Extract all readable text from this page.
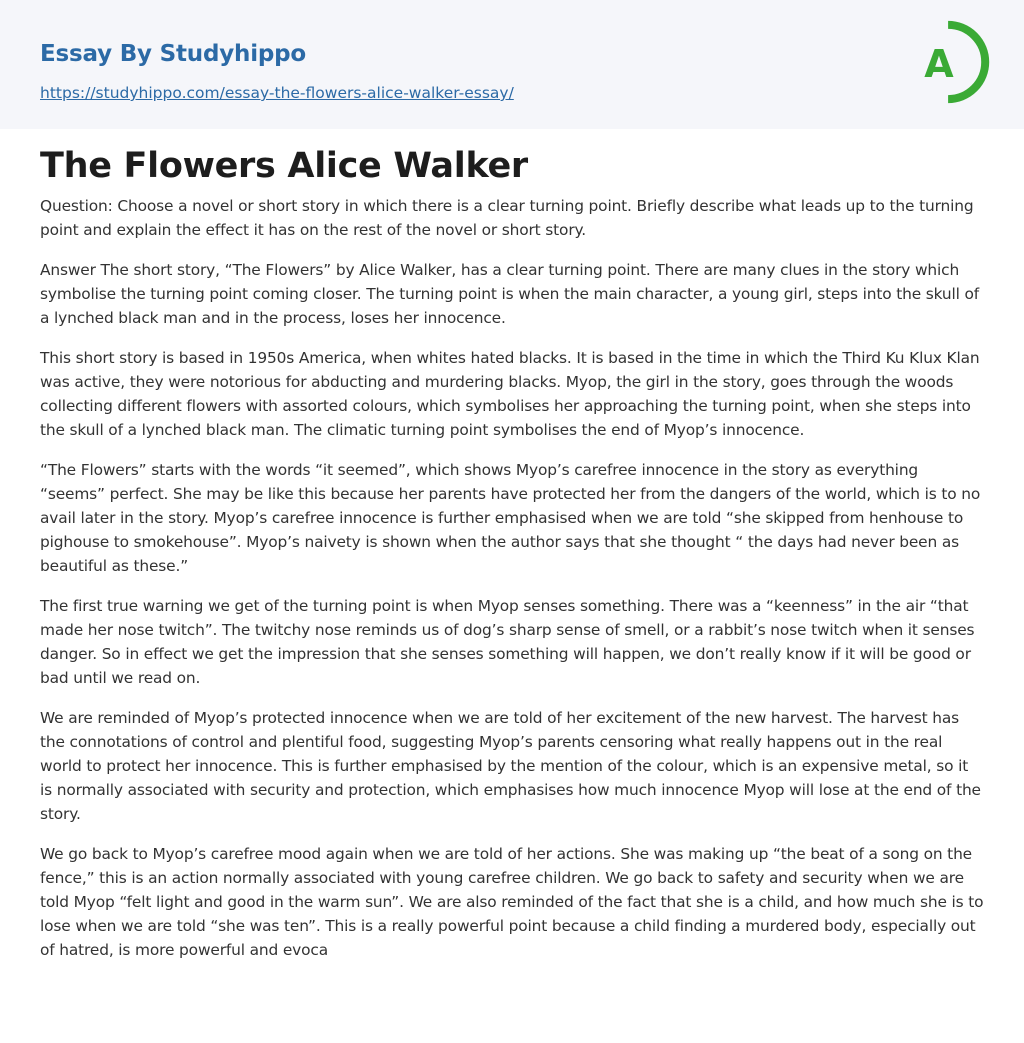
Essay By Studyhippo
https://studyhippo.com/essay-the-flowers-alice-walker-essay/
A
The Flowers Alice Walker

Question: Choose a novel or short story in which there is a clear turning point. Briefly describe what leads up to the turning point and explain the effect it has on the rest of the novel or short story.

Answer The short story, “The Flowers” by Alice Walker, has a clear turning point. There are many clues in the story which symbolise the turning point coming closer. The turning point is when the main character, a young girl, steps into the skull of a lynched black man and in the process, loses her innocence.

This short story is based in 1950s America, when whites hated blacks. It is based in the time in which the Third Ku Klux Klan was active, they were notorious for abducting and murdering blacks. Myop, the girl in the story, goes through the woods collecting different flowers with assorted colours, which symbolises her approaching the turning point, when she steps into the skull of a lynched black man. The climatic turning point symbolises the end of Myop’s innocence.

“The Flowers” starts with the words “it seemed”, which shows Myop’s carefree innocence in the story as everything “seems” perfect. She may be like this because her parents have protected her from the dangers of the world, which is to no avail later in the story. Myop’s carefree innocence is further emphasised when we are told “she skipped from henhouse to pighouse to smokehouse”. Myop’s naivety is shown when the author says that she thought “ the days had never been as beautiful as these.”

The first true warning we get of the turning point is when Myop senses something. There was a “keenness” in the air “that made her nose twitch”. The twitchy nose reminds us of dog’s sharp sense of smell, or a rabbit’s nose twitch when it senses danger. So in effect we get the impression that she senses something will happen, we don’t really know if it will be good or bad until we read on.

We are reminded of Myop’s protected innocence when we are told of her excitement of the new harvest. The harvest has the connotations of control and plentiful food, suggesting Myop’s parents censoring what really happens out in the real world to protect her innocence. This is further emphasised by the mention of the colour, which is an expensive metal, so it is normally associated with security and protection, which emphasises how much innocence Myop will lose at the end of the story.

We go back to Myop’s carefree mood again when we are told of her actions. She was making up “the beat of a song on the fence,” this is an action normally associated with young carefree children. We go back to safety and security when we are told Myop “felt light and good in the warm sun”. We are also reminded of the fact that she is a child, and how much she is to lose when we are told “she was ten”. This is a really powerful point because a child finding a murdered body, especially out of hatred, is more powerful and evoca
